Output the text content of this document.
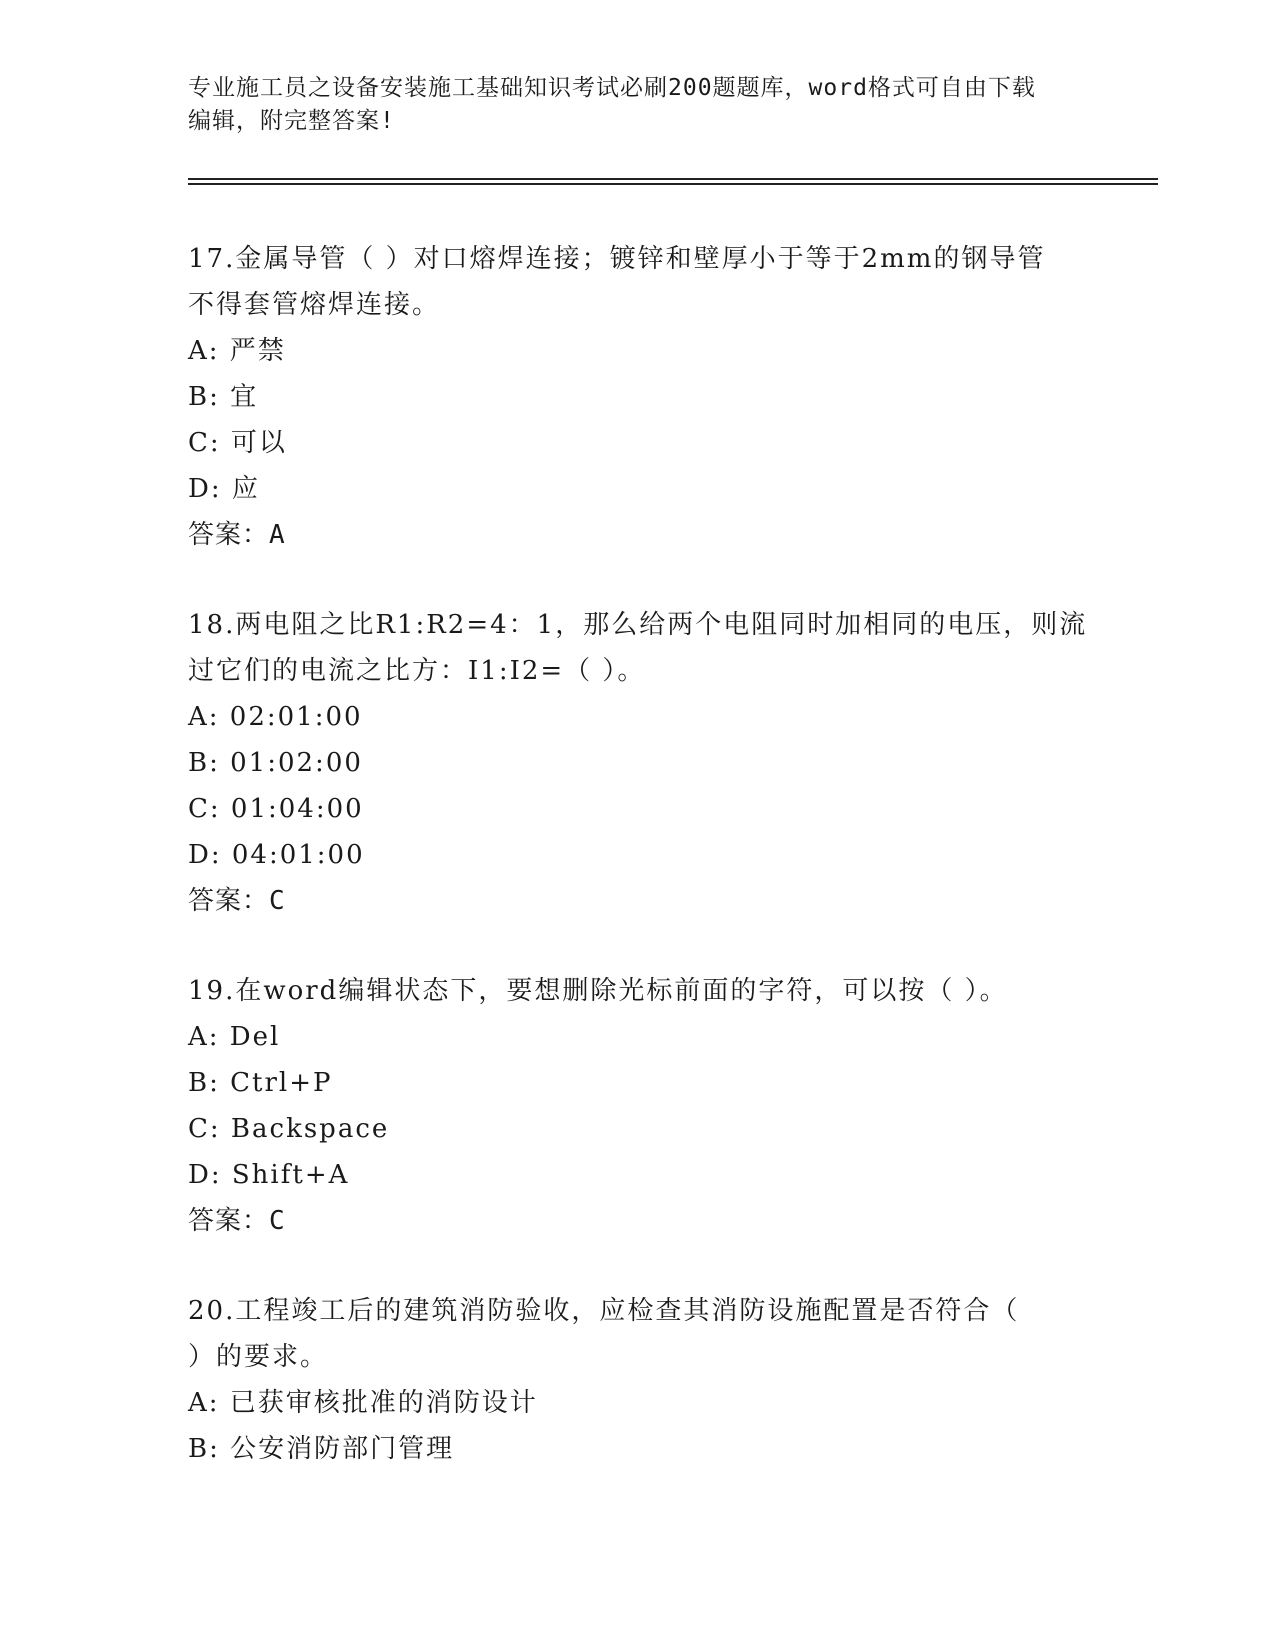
专业施工员之设备安装施工基础知识考试必刷200题题库，word格式可自由下载
编辑，附完整答案!
17.金属导管（ ）对口熔焊连接；镀锌和壁厚小于等于2mm的钢导管
不得套管熔焊连接。
A: 严禁
B: 宜
C: 可以
D: 应
答案：A
18.两电阻之比R1:R2=4：1，那么给两个电阻同时加相同的电压，则流
过它们的电流之比方：I1:I2=（ ）。
A: 02:01:00
B: 01:02:00
C: 01:04:00
D: 04:01:00
答案：C
19.在word编辑状态下，要想删除光标前面的字符，可以按（ ）。
A: Del
B: Ctrl+P
C: Backspace
D: Shift+A
答案：C
20.工程竣工后的建筑消防验收，应检查其消防设施配置是否符合（
）的要求。
A: 已获审核批准的消防设计
B: 公安消防部门管理
